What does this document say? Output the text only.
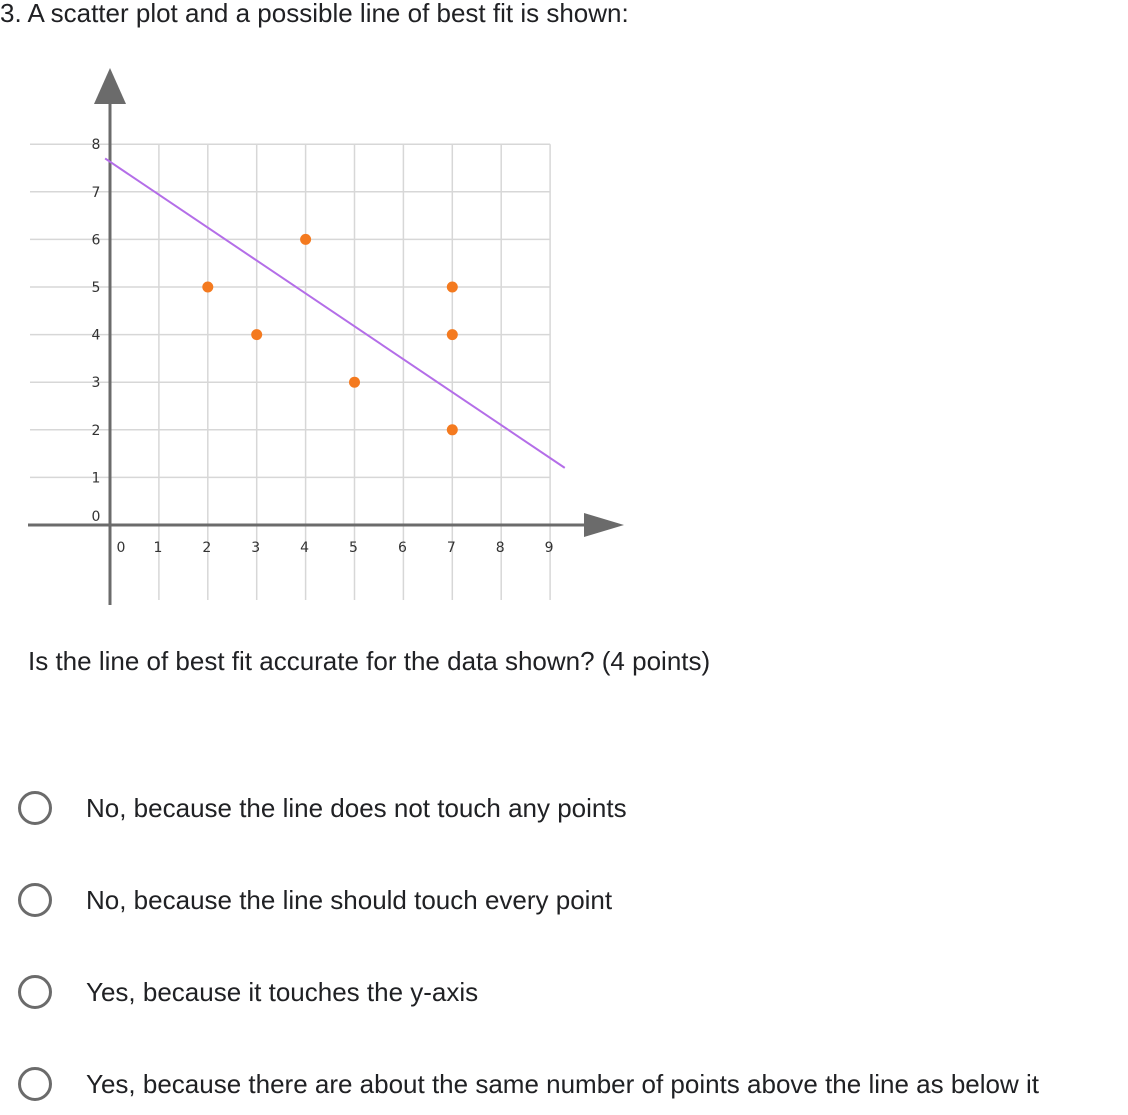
3. A scatter plot and a possible line of best fit is shown:
0
1
2
3
4
5
6
7
8
0 1	2	3	4	5	6	7	8	9
Is the line of best fit accurate for the data shown? (4 points)
No, because the line does not touch any points
No, because the line should touch every point
Yes, because it touches the y-axis
Yes, because there are about the same number of points above the line as below it
